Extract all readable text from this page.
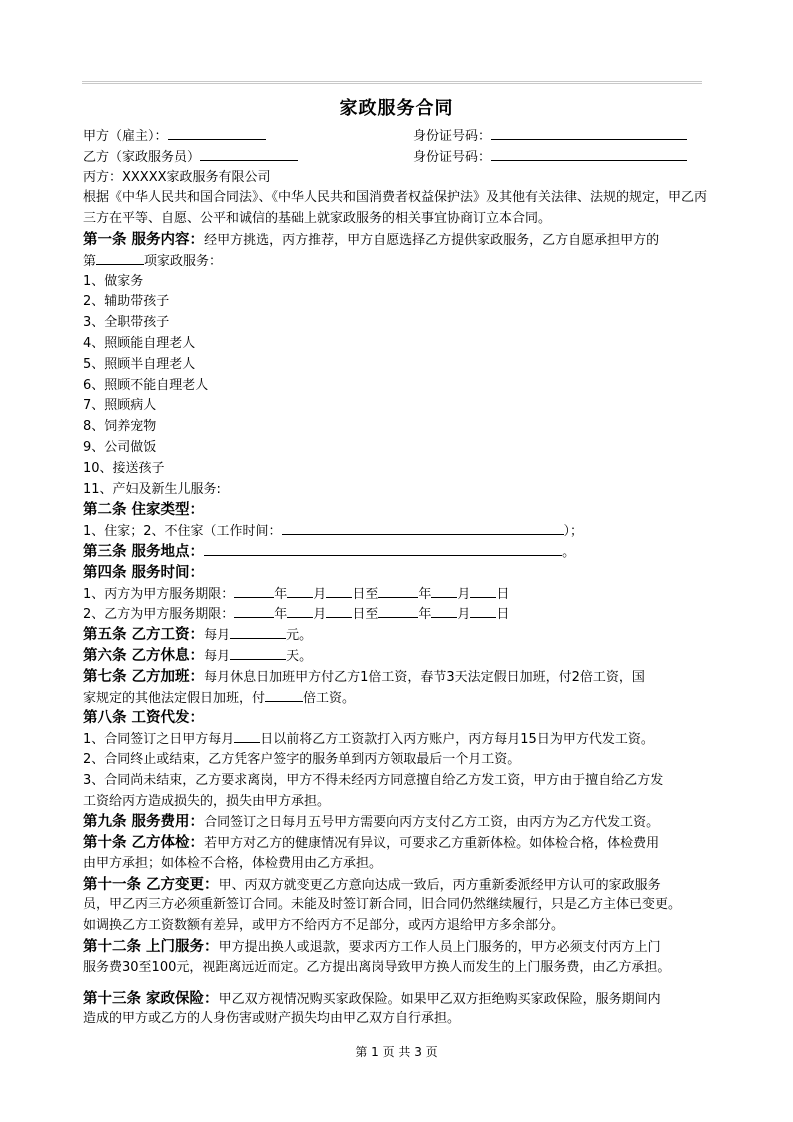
家政服务合同
甲方（雇主）：	身份证号码：
乙方（家政服务员）	身份证号码：
丙方：XXXXX家政服务有限公司
根据《中华人民共和国合同法》、《中华人民共和国消费者权益保护法》及其他有关法律、法规的规定，甲乙丙三方在平等、自愿、公平和诚信的基础上就家政服务的相关事宜协商订立本合同。
第一条 服务内容：经甲方挑选，丙方推荐，甲方自愿选择乙方提供家政服务，乙方自愿承担甲方的
第	项家政服务：
1、做家务
2、辅助带孩子
3、全职带孩子
4、照顾能自理老人
5、照顾半自理老人
6、照顾不能自理老人
7、照顾病人
8、饲养宠物
9、公司做饭
10、接送孩子
11、产妇及新生儿服务:
第二条 住家类型：
1、住家；2、不住家（工作时间：	）；
第三条 服务地点：	。
第四条 服务时间：
1、丙方为甲方服务期限：	年 月 日至	年 月 日
2、乙方为甲方服务期限：	年 月 日至	年 月 日
第五条 乙方工资：每月	元。
第六条 乙方休息：每月	天。
第七条 乙方加班：每月休息日加班甲方付乙方1倍工资，春节3天法定假日加班，付2倍工资，国
家规定的其他法定假日加班，付	倍工资。
第八条 工资代发：
1、合同签订之日甲方每月 日以前将乙方工资款打入丙方账户，丙方每月15日为甲方代发工资。
2、合同终止或结束，乙方凭客户签字的服务单到丙方领取最后一个月工资。
3、合同尚未结束，乙方要求离岗，甲方不得未经丙方同意擅自给乙方发工资，甲方由于擅自给乙方发
工资给丙方造成损失的，损失由甲方承担。
第九条 服务费用：合同签订之日每月五号甲方需要向丙方支付乙方工资，由丙方为乙方代发工资。
第十条 乙方体检：若甲方对乙方的健康情况有异议，可要求乙方重新体检。如体检合格，体检费用
由甲方承担；如体检不合格，体检费用由乙方承担。
第十一条 乙方变更：甲、丙双方就变更乙方意向达成一致后，丙方重新委派经甲方认可的家政服务
员，甲乙丙三方必须重新签订合同。未能及时签订新合同，旧合同仍然继续履行，只是乙方主体已变更。
如调换乙方工资数额有差异，或甲方不给丙方不足部分，或丙方退给甲方多余部分。
第十二条 上门服务：甲方提出换人或退款，要求丙方工作人员上门服务的，甲方必须支付丙方上门
服务费30至100元，视距离远近而定。乙方提出离岗导致甲方换人而发生的上门服务费，由乙方承担。
第十三条 家政保险：甲乙双方视情况购买家政保险。如果甲乙双方拒绝购买家政保险，服务期间内
造成的甲方或乙方的人身伤害或财产损失均由甲乙双方自行承担。
第 1 页 共 3 页
